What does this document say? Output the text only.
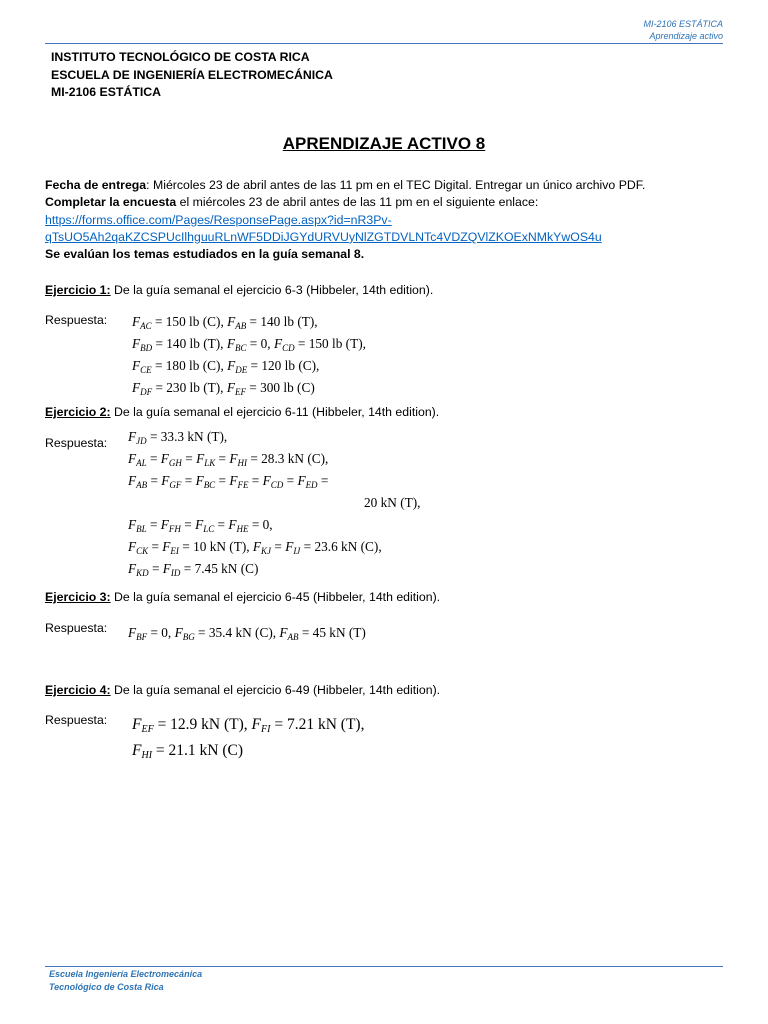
MI-2106 ESTÁTICA
Aprendizaje activo
INSTITUTO TECNOLÓGICO DE COSTA RICA
ESCUELA DE INGENIERÍA ELECTROMECÁNICA
MI-2106 ESTÁTICA
APRENDIZAJE ACTIVO 8
Fecha de entrega: Miércoles 23 de abril antes de las 11 pm en el TEC Digital. Entregar un único archivo PDF.
Completar la encuesta el miércoles 23 de abril antes de las 11 pm en el siguiente enlace:
https://forms.office.com/Pages/ResponsePage.aspx?id=nR3Pv-
qTsUO5Ah2qaKZCSPUcIlhguuRLnWF5DDiJGYdURVUyNlZGTDVLNTc4VDZQVlZKOExNMkYwOS4u
Se evalúan los temas estudiados en la guía semanal 8.
Ejercicio 1: De la guía semanal el ejercicio 6-3 (Hibbeler, 14th edition).
Respuesta: $F_{AC} = 150$ lb (C), $F_{AB} = 140$ lb (T),
$F_{BD} = 140$ lb (T), $F_{BC} = 0$, $F_{CD} = 150$ lb (T),
$F_{CE} = 180$ lb (C), $F_{DE} = 120$ lb (C),
$F_{DF} = 230$ lb (T), $F_{EF} = 300$ lb (C)
Ejercicio 2: De la guía semanal el ejercicio 6-11 (Hibbeler, 14th edition).
Respuesta: $F_{JD} = 33.3$ kN (T),
$F_{AL} = F_{GH} = F_{LK} = F_{HI} = 28.3$ kN (C),
$F_{AB} = F_{GF} = F_{BC} = F_{FE} = F_{CD} = F_{ED}$ =
20 kN (T),
$F_{BL} = F_{FH} = F_{LC} = F_{HE} = 0$,
$F_{CK} = F_{EI} = 10$ kN (T), $F_{KJ} = F_{IJ} = 23.6$ kN (C),
$F_{KD} = F_{ID} = 7.45$ kN (C)
Ejercicio 3: De la guía semanal el ejercicio 6-45 (Hibbeler, 14th edition).
Respuesta: $F_{BF} = 0$, $F_{BG} = 35.4$ kN (C), $F_{AB} = 45$ kN (T)
Ejercicio 4: De la guía semanal el ejercicio 6-49 (Hibbeler, 14th edition).
Respuesta: $F_{EF} = 12.9$ kN (T), $F_{FI} = 7.21$ kN (T),
$F_{HI} = 21.1$ kN (C)
Escuela Ingeniería Electromecánica
Tecnológico de Costa Rica
